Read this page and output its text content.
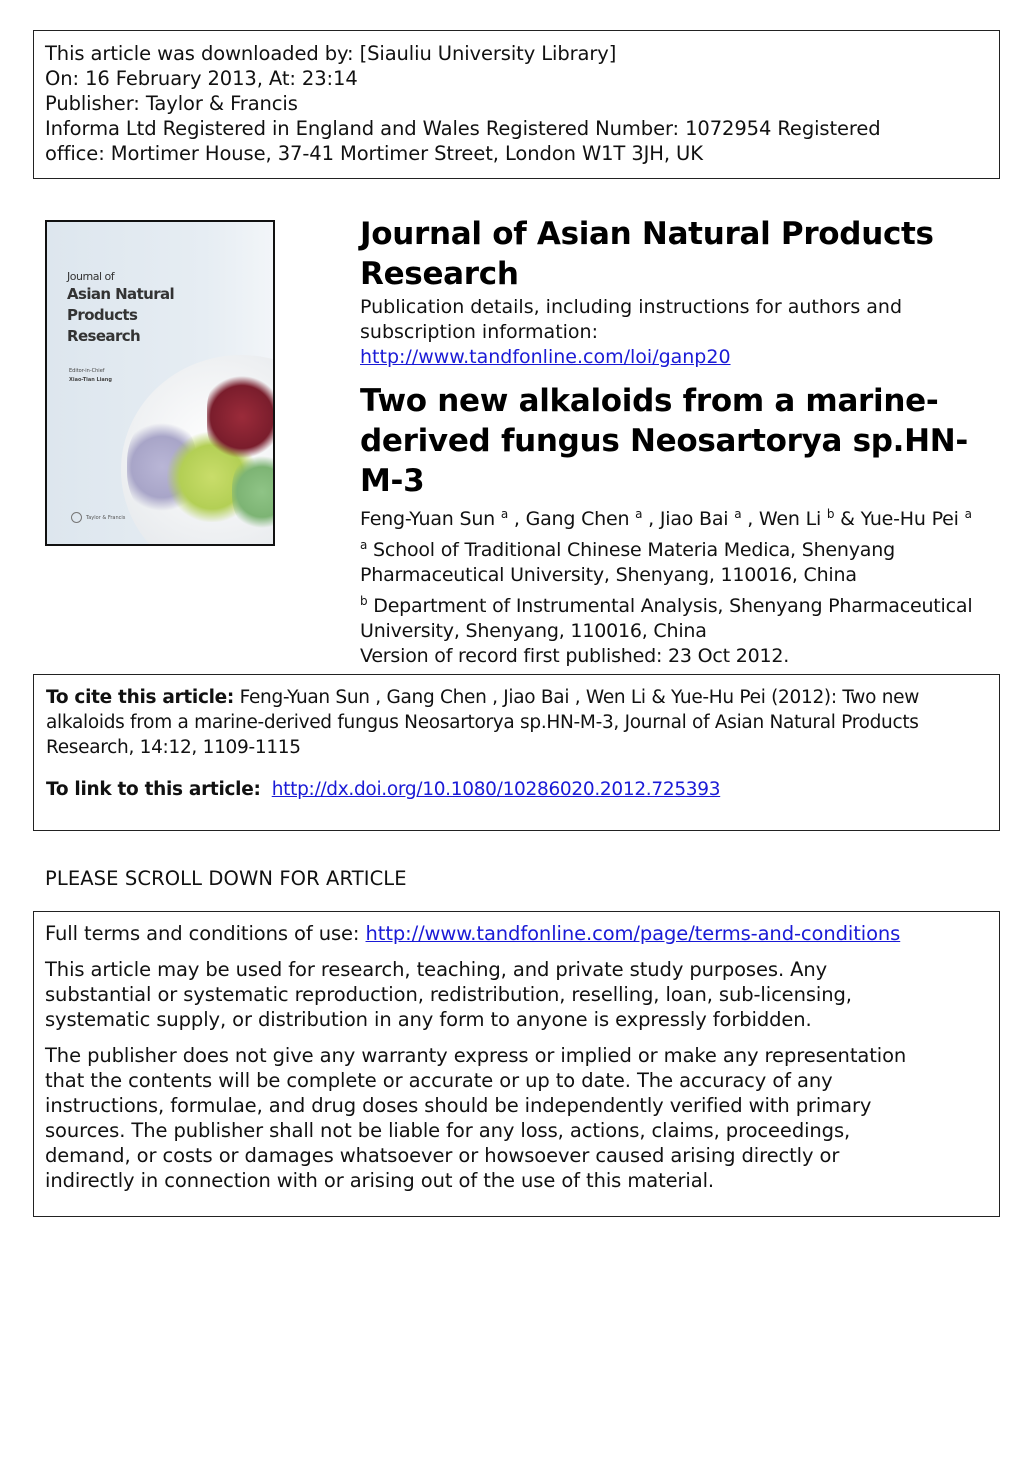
This article was downloaded by: [Siauliu University Library]
On: 16 February 2013, At: 23:14
Publisher: Taylor & Francis
Informa Ltd Registered in England and Wales Registered Number: 1072954 Registered
office: Mortimer House, 37-41 Mortimer Street, London W1T 3JH, UK
Journal of
Asian Natural
Products
Research
Editor-in-Chief
Xiao-Tian Liang
Taylor & Francis
Journal of Asian Natural Products
Research
Publication details, including instructions for authors and
subscription information:
http://www.tandfonline.com/loi/ganp20
Two new alkaloids from a marine-
derived fungus Neosartorya sp.HN-M-3
Feng-Yuan Sun $^a$ , Gang Chen $^a$ , Jiao Bai $^a$ , Wen Li $^b$ & Yue-Hu Pei $^a$
$^a$ School of Traditional Chinese Materia Medica, Shenyang
Pharmaceutical University, Shenyang, 110016, China
$^b$ Department of Instrumental Analysis, Shenyang Pharmaceutical
University, Shenyang, 110016, China
Version of record first published: 23 Oct 2012.

To cite this article: Feng-Yuan Sun , Gang Chen , Jiao Bai , Wen Li & Yue-Hu Pei (2012): Two new
alkaloids from a marine-derived fungus Neosartorya sp.HN-M-3, Journal of Asian Natural Products
Research, 14:12, 1109-1115

To link to this article: http://dx.doi.org/10.1080/10286020.2012.725393

PLEASE SCROLL DOWN FOR ARTICLE

Full terms and conditions of use: http://www.tandfonline.com/page/terms-and-conditions

This article may be used for research, teaching, and private study purposes. Any
substantial or systematic reproduction, redistribution, reselling, loan, sub-licensing,
systematic supply, or distribution in any form to anyone is expressly forbidden.

The publisher does not give any warranty express or implied or make any representation
that the contents will be complete or accurate or up to date. The accuracy of any
instructions, formulae, and drug doses should be independently verified with primary
sources. The publisher shall not be liable for any loss, actions, claims, proceedings,
demand, or costs or damages whatsoever or howsoever caused arising directly or
indirectly in connection with or arising out of the use of this material.
